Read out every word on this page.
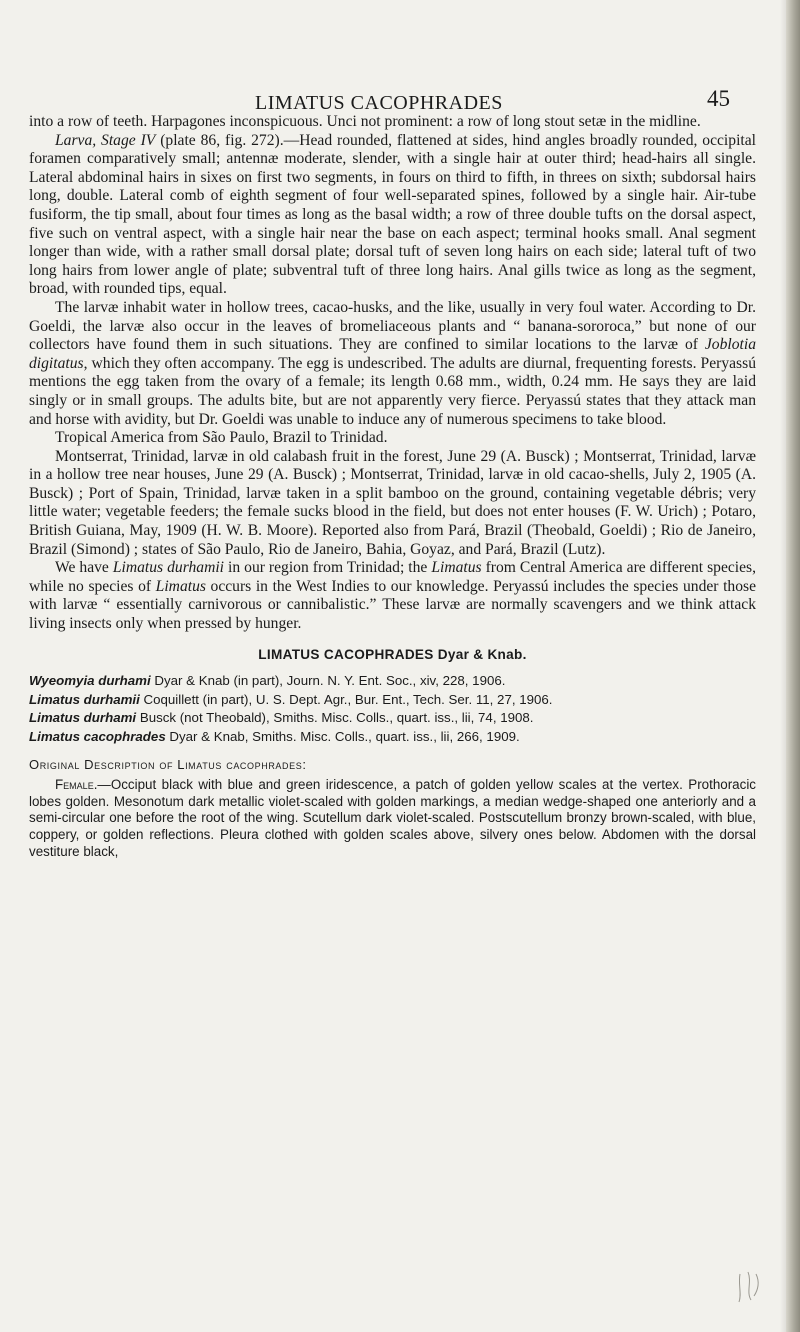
LIMATUS CACOPHRADES	45

into a row of teeth. Harpagones inconspicuous. Unci not prominent: a row of long stout setæ in the midline.

Larva, Stage IV (plate 86, fig. 272).—Head rounded, flattened at sides, hind angles broadly rounded, occipital foramen comparatively small; antennæ moderate, slender, with a single hair at outer third; head-hairs all single. Lateral abdominal hairs in sixes on first two segments, in fours on third to fifth, in threes on sixth; subdorsal hairs long, double. Lateral comb of eighth segment of four well-separated spines, followed by a single hair. Air-tube fusiform, the tip small, about four times as long as the basal width; a row of three double tufts on the dorsal aspect, five such on ventral aspect, with a single hair near the base on each aspect; terminal hooks small. Anal segment longer than wide, with a rather small dorsal plate; dorsal tuft of seven long hairs on each side; lateral tuft of two long hairs from lower angle of plate; subventral tuft of three long hairs. Anal gills twice as long as the segment, broad, with rounded tips, equal.

The larvæ inhabit water in hollow trees, cacao-husks, and the like, usually in very foul water. According to Dr. Goeldi, the larvæ also occur in the leaves of bromeliaceous plants and “ banana-sororoca,” but none of our collectors have found them in such situations. They are confined to similar locations to the larvæ of Joblotia digitatus, which they often accompany. The egg is undescribed. The adults are diurnal, frequenting forests. Peryassú mentions the egg taken from the ovary of a female; its length 0.68 mm., width, 0.24 mm. He says they are laid singly or in small groups. The adults bite, but are not apparently very fierce. Peryassú states that they attack man and horse with avidity, but Dr. Goeldi was unable to induce any of numerous specimens to take blood.

Tropical America from São Paulo, Brazil to Trinidad.

Montserrat, Trinidad, larvæ in old calabash fruit in the forest, June 29 (A. Busck) ; Montserrat, Trinidad, larvæ in a hollow tree near houses, June 29 (A. Busck) ; Montserrat, Trinidad, larvæ in old cacao-shells, July 2, 1905 (A. Busck) ; Port of Spain, Trinidad, larvæ taken in a split bamboo on the ground, containing vegetable débris; very little water; vegetable feeders; the female sucks blood in the field, but does not enter houses (F. W. Urich) ; Potaro, British Guiana, May, 1909 (H. W. B. Moore). Reported also from Pará, Brazil (Theobald, Goeldi) ; Rio de Janeiro, Brazil (Simond) ; states of São Paulo, Rio de Janeiro, Bahia, Goyaz, and Pará, Brazil (Lutz).

We have Limatus durhamii in our region from Trinidad; the Limatus from Central America are different species, while no species of Limatus occurs in the West Indies to our knowledge. Peryassú includes the species under those with larvæ “ essentially carnivorous or cannibalistic.” These larvæ are normally scavengers and we think attack living insects only when pressed by hunger.

LIMATUS CACOPHRADES Dyar & Knab.

Wyeomyia durhami Dyar & Knab (in part), Journ. N. Y. Ent. Soc., xiv, 228, 1906.

Limatus durhamii Coquillett (in part), U. S. Dept. Agr., Bur. Ent., Tech. Ser. 11, 27, 1906.

Limatus durhami Busck (not Theobald), Smiths. Misc. Colls., quart. iss., lii, 74, 1908.

Limatus cacophrades Dyar & Knab, Smiths. Misc. Colls., quart. iss., lii, 266, 1909.

Original Description of Limatus cacophrades:

Female.—Occiput black with blue and green iridescence, a patch of golden yellow scales at the vertex. Prothoracic lobes golden. Mesonotum dark metallic violet-scaled with golden markings, a median wedge-shaped one anteriorly and a semi-circular one before the root of the wing. Scutellum dark violet-scaled. Postscutellum bronzy brown-scaled, with blue, coppery, or golden reflections. Pleura clothed with golden scales above, silvery ones below. Abdomen with the dorsal vestiture black,
